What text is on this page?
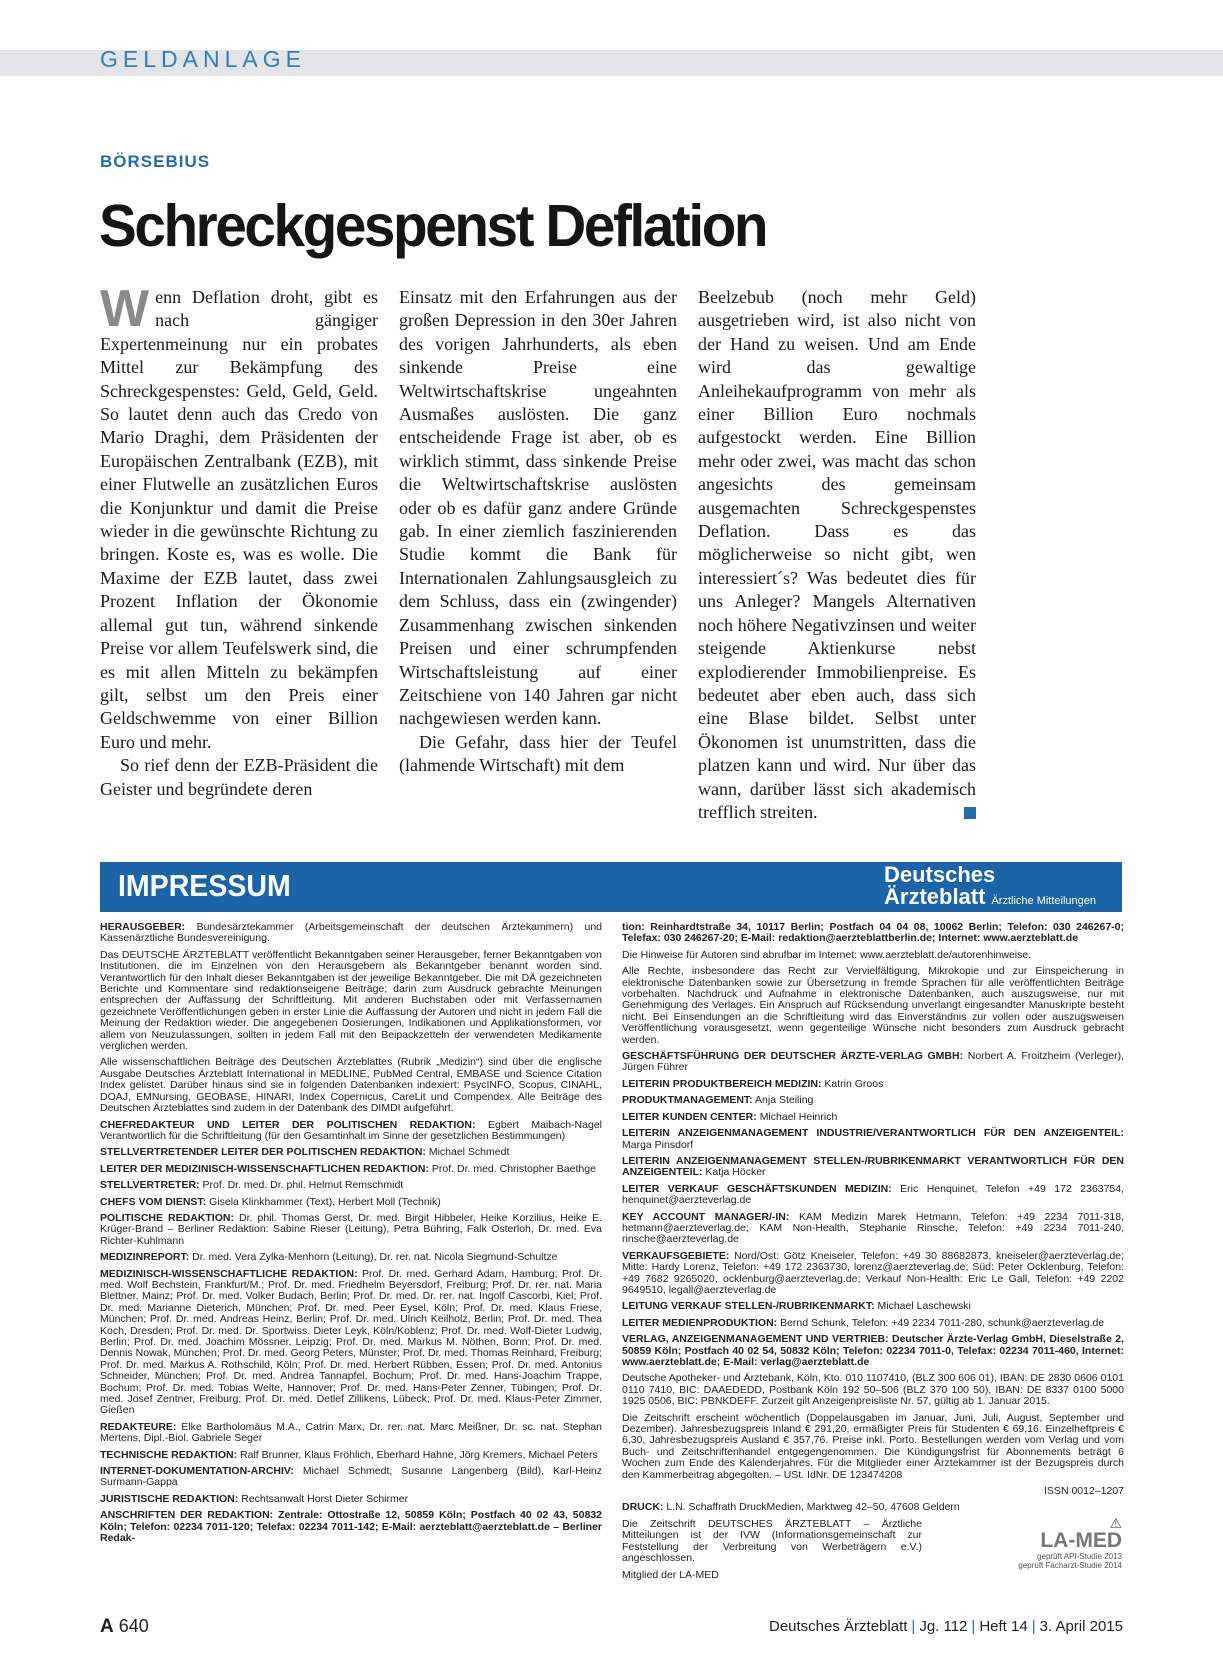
GELDANLAGE
BÖRSEBIUS
Schreckgespenst Deflation

Wenn Deflation droht, gibt es nach gängiger Expertenmeinung nur ein probates Mittel zur Bekämpfung des Schreckgespenstes: Geld, Geld, Geld. So lautet denn auch das Credo von Mario Draghi, dem Präsidenten der Europäischen Zentralbank (EZB), mit einer Flutwelle an zusätzlichen Euros die Konjunktur und damit die Preise wieder in die gewünschte Richtung zu bringen. Koste es, was es wolle. Die Maxime der EZB lautet, dass zwei Prozent Inflation der Ökonomie allemal gut tun, während sinkende Preise vor allem Teufelswerk sind, die es mit allen Mitteln zu bekämpfen gilt, selbst um den Preis einer Geldschwemme von einer Billion Euro und mehr.

So rief denn der EZB-Präsident die Geister und begründete deren

Einsatz mit den Erfahrungen aus der großen Depression in den 30er Jahren des vorigen Jahrhunderts, als eben sinkende Preise eine Weltwirtschaftskrise ungeahnten Ausmaßes auslösten. Die ganz entscheidende Frage ist aber, ob es wirklich stimmt, dass sinkende Preise die Weltwirtschaftskrise auslösten oder ob es dafür ganz andere Gründe gab. In einer ziemlich faszinierenden Studie kommt die Bank für Internationalen Zahlungsausgleich zu dem Schluss, dass ein (zwingender) Zusammenhang zwischen sinkenden Preisen und einer schrumpfenden Wirtschaftsleistung auf einer Zeitschiene von 140 Jahren gar nicht nachgewiesen werden kann.

Die Gefahr, dass hier der Teufel (lahmende Wirtschaft) mit dem

Beelzebub (noch mehr Geld) ausgetrieben wird, ist also nicht von der Hand zu weisen. Und am Ende wird das gewaltige Anleihekaufprogramm von mehr als einer Billion Euro nochmals aufgestockt werden. Eine Billion mehr oder zwei, was macht das schon angesichts des gemeinsam ausgemachten Schreckgespenstes Deflation. Dass es das möglicherweise so nicht gibt, wen interessiert´s? Was bedeutet dies für uns Anleger? Mangels Alternativen noch höhere Negativzinsen und weiter steigende Aktienkurse nebst explodierender Immobilienpreise. Es bedeutet aber eben auch, dass sich eine Blase bildet. Selbst unter Ökonomen ist unumstritten, dass die platzen kann und wird. Nur über das wann, darüber lässt sich akademisch trefflich streiten.

IMPRESSUM	Deutsches
Ärzteblatt Ärztliche Mitteilungen

HERAUSGEBER: Bundesärztekammer (Arbeitsgemeinschaft der deutschen Ärztekammern) und Kassenärztliche Bundesvereinigung.

Das DEUTSCHE ÄRZTEBLATT veröffentlicht Bekanntgaben seiner Herausgeber, ferner Bekanntgaben von Institutionen, die im Einzelnen von den Herausgebern als Bekanntgeber benannt worden sind. Verantwortlich für den Inhalt dieser Bekanntgaben ist der jeweilige Bekanntgeber. Die mit DÄ gezeichneten Berichte und Kommentare sind redaktionseigene Beiträge; darin zum Ausdruck gebrachte Meinungen entsprechen der Auffassung der Schriftleitung. Mit anderen Buchstaben oder mit Verfassernamen gezeichnete Veröffentlichungen geben in erster Linie die Auffassung der Autoren und nicht in jedem Fall die Meinung der Redaktion wieder. Die angegebenen Dosierungen, Indikationen und Applikationsformen, vor allem von Neuzulassungen, sollten in jedem Fall mit den Beipackzetteln der verwendeten Medikamente verglichen werden.

Alle wissenschaftlichen Beiträge des Deutschen Ärzteblattes (Rubrik „Medizin“) sind über die englische Ausgabe Deutsches Ärzteblatt International in MEDLINE, PubMed Central, EMBASE und Science Citation Index gelistet. Darüber hinaus sind sie in folgenden Datenbanken indexiert: PsycINFO, Scopus, CINAHL, DOAJ, EMNursing, GEOBASE, HINARI, Index Copernicus, CareLit und Compendex. Alle Beiträge des Deutschen Ärzteblattes sind zudem in der Datenbank des DIMDI aufgeführt.

CHEFREDAKTEUR UND LEITER DER POLITISCHEN REDAKTION: Egbert Maibach-Nagel Verantwortlich für die Schriftleitung (für den Gesamtinhalt im Sinne der gesetzlichen Bestimmungen)

STELLVERTRETENDER LEITER DER POLITISCHEN REDAKTION: Michael Schmedt

LEITER DER MEDIZINISCH-WISSENSCHAFTLICHEN REDAKTION: Prof. Dr. med. Christopher Baethge

STELLVERTRETER: Prof. Dr. med. Dr. phil. Helmut Remschmidt

CHEFS VOM DIENST: Gisela Klinkhammer (Text), Herbert Moll (Technik)

POLITISCHE REDAKTION: Dr. phil. Thomas Gerst, Dr. med. Birgit Hibbeler, Heike Korzilius, Heike E. Krüger-Brand – Berliner Redaktion: Sabine Rieser (Leitung), Petra Bühring, Falk Osterloh, Dr. med. Eva Richter-Kuhlmann

MEDIZINREPORT: Dr. med. Vera Zylka-Menhorn (Leitung), Dr. rer. nat. Nicola Siegmund-Schultze

MEDIZINISCH-WISSENSCHAFTLICHE REDAKTION: Prof. Dr. med. Gerhard Adam, Hamburg; Prof. Dr. med. Wolf Bechstein, Frankfurt/M.; Prof. Dr. med. Friedhelm Beyersdorf, Freiburg; Prof. Dr. rer. nat. Maria Blettner, Mainz; Prof. Dr. med. Volker Budach, Berlin; Prof. Dr. med. Dr. rer. nat. Ingolf Cascorbi, Kiel; Prof. Dr. med. Marianne Dieterich, München; Prof. Dr. med. Peer Eysel, Köln; Prof. Dr. med. Klaus Friese, München; Prof. Dr. med. Andreas Heinz, Berlin; Prof. Dr. med. Ulrich Keilholz, Berlin; Prof. Dr. med. Thea Koch, Dresden; Prof. Dr. med. Dr. Sportwiss. Dieter Leyk, Köln/Koblenz; Prof. Dr. med. Wolf-Dieter Ludwig, Berlin; Prof. Dr. med. Joachim Mössner, Leipzig; Prof. Dr. med. Markus M. Nöthen, Bonn; Prof. Dr. med. Dennis Nowak, München; Prof. Dr. med. Georg Peters, Münster; Prof. Dr. med. Thomas Reinhard, Freiburg; Prof. Dr. med. Markus A. Rothschild, Köln; Prof. Dr. med. Herbert Rübben, Essen; Prof. Dr. med. Antonius Schneider, München; Prof. Dr. med. Andrea Tannapfel, Bochum; Prof. Dr. med. Hans-Joachim Trappe, Bochum; Prof. Dr. med. Tobias Welte, Hannover; Prof. Dr. med. Hans-Peter Zenner, Tübingen; Prof. Dr. med. Josef Zentner, Freiburg; Prof. Dr. med. Detlef Zillikens, Lübeck; Prof. Dr. med. Klaus-Peter Zimmer, Gießen

REDAKTEURE: Elke Bartholomäus M.A., Catrin Marx, Dr. rer. nat. Marc Meißner, Dr. sc. nat. Stephan Mertens, Dipl.-Biol. Gabriele Seger

TECHNISCHE REDAKTION: Ralf Brunner, Klaus Fröhlich, Eberhard Hahne, Jörg Kremers, Michael Peters

INTERNET-DOKUMENTATION-ARCHIV: Michael Schmedt, Susanne Langenberg (Bild), Karl-Heinz Surmann-Gappa

JURISTISCHE REDAKTION: Rechtsanwalt Horst Dieter Schirmer

ANSCHRIFTEN DER REDAKTION: Zentrale: Ottostraße 12, 50859 Köln; Postfach 40 02 43, 50832 Köln; Telefon: 02234 7011-120; Telefax: 02234 7011-142; E-Mail: aerzteblatt@aerzteblatt.de – Berliner Redak-

tion: Reinhardtstraße 34, 10117 Berlin; Postfach 04 04 08, 10062 Berlin; Telefon: 030 246267-0; Telefax: 030 246267-20; E-Mail: redaktion@aerzteblattberlin.de; Internet: www.aerzteblatt.de

Die Hinweise für Autoren sind abrufbar im Internet: www.aerzteblatt.de/autorenhinweise.

Alle Rechte, insbesondere das Recht zur Vervielfältigung, Mikrokopie und zur Einspeicherung in elektronische Datenbanken sowie zur Übersetzung in fremde Sprachen für alle veröffentlichten Beiträge vorbehalten. Nachdruck und Aufnahme in elektronische Datenbanken, auch auszugsweise, nur mit Genehmigung des Verlages. Ein Anspruch auf Rücksendung unverlangt eingesandter Manuskripte besteht nicht. Bei Einsendungen an die Schriftleitung wird das Einverständnis zur vollen oder auszugsweisen Veröffentlichung vorausgesetzt, wenn gegenteilige Wünsche nicht besonders zum Ausdruck gebracht werden.

GESCHÄFTSFÜHRUNG DER DEUTSCHER ÄRZTE-VERLAG GMBH: Norbert A. Froitzheim (Verleger), Jürgen Führer

LEITERIN PRODUKTBEREICH MEDIZIN: Katrin Groos

PRODUKTMANAGEMENT: Anja Steiling

LEITER KUNDEN CENTER: Michael Heinrich

LEITERIN ANZEIGENMANAGEMENT INDUSTRIE/VERANTWORTLICH FÜR DEN ANZEIGENTEIL: Marga Pinsdorf

LEITERIN ANZEIGENMANAGEMENT STELLEN-/RUBRIKENMARKT VERANTWORTLICH FÜR DEN ANZEIGENTEIL: Katja Höcker

LEITER VERKAUF GESCHÄFTSKUNDEN MEDIZIN: Eric Henquinet, Telefon +49 172 2363754, henquinet@aerzteverlag.de

KEY ACCOUNT MANAGER/-IN: KAM Medizin Marek Hetmann, Telefon: +49 2234 7011-318, hetmann@aerzteverlag.de; KAM Non-Health, Stephanie Rinsche, Telefon: +49 2234 7011-240, rinsche@aerzteverlag.de

VERKAUFSGEBIETE: Nord/Ost: Götz Kneiseler, Telefon: +49 30 88682873, kneiseler@aerzteverlag.de; Mitte: Hardy Lorenz, Telefon: +49 172 2363730, lorenz@aerzteverlag.de; Süd: Peter Ocklenburg, Telefon: +49 7682 9265020, ocklenburg@aerzteverlag.de; Verkauf Non-Health: Eric Le Gall, Telefon: +49 2202 9649510, legall@aerzteverlag.de

LEITUNG VERKAUF STELLEN-/RUBRIKENMARKT: Michael Laschewski

LEITER MEDIENPRODUKTION: Bernd Schunk, Telefon: +49 2234 7011-280, schunk@aerzteverlag.de

VERLAG, ANZEIGENMANAGEMENT UND VERTRIEB: Deutscher Ärzte-Verlag GmbH, Dieselstraße 2, 50859 Köln; Postfach 40 02 54, 50832 Köln; Telefon: 02234 7011-0, Telefax: 02234 7011-460, Internet: www.aerzteblatt.de; E-Mail: verlag@aerzteblatt.de

Deutsche Apotheker- und Ärztebank, Köln, Kto. 010 1107410, (BLZ 300 606 01), IBAN: DE 2830 0606 0101 0110 7410, BIC: DAAEDEDD, Postbank Köln 192 50–506 (BLZ 370 100 50), IBAN: DE 8337 0100 5000 1925 0506, BIC: PBNKDEFF. Zurzeit gilt Anzeigenpreisliste Nr. 57, gültig ab 1. Januar 2015.

Die Zeitschrift erscheint wöchentlich (Doppelausgaben im Januar, Juni, Juli, August, September und Dezember). Jahresbezugspreis Inland € 291,20, ermäßigter Preis für Studenten € 69,16. Einzelheftpreis € 6,30, Jahresbezugspreis Ausland € 357,76. Preise inkl. Porto. Bestellungen werden vom Verlag und vom Buch- und Zeitschriftenhandel entgegengenommen. Die Kündigungsfrist für Abonnements beträgt 6 Wochen zum Ende des Kalenderjahres. Für die Mitglieder einer Ärztekammer ist der Bezugspreis durch den Kammerbeitrag abgegolten. – USt. IdNr. DE 123474208

ISSN 0012–1207

DRUCK: L.N. Schaffrath DruckMedien, Marktweg 42–50, 47608 Geldern

Die Zeitschrift DEUTSCHES ÄRZTEBLATT – Ärztliche Mitteilungen ist der IVW (Informationsgemeinschaft zur Feststellung der Verbreitung von Werbeträgern e.V.) angeschlossen.

Mitglied der LA-MED

⚠
LA-MED
geprüft API-Studie 2013
geprüft Facharzt-Studie 2014
A 640	Deutsches Ärzteblatt | Jg. 112 | Heft 14 | 3. April 2015
